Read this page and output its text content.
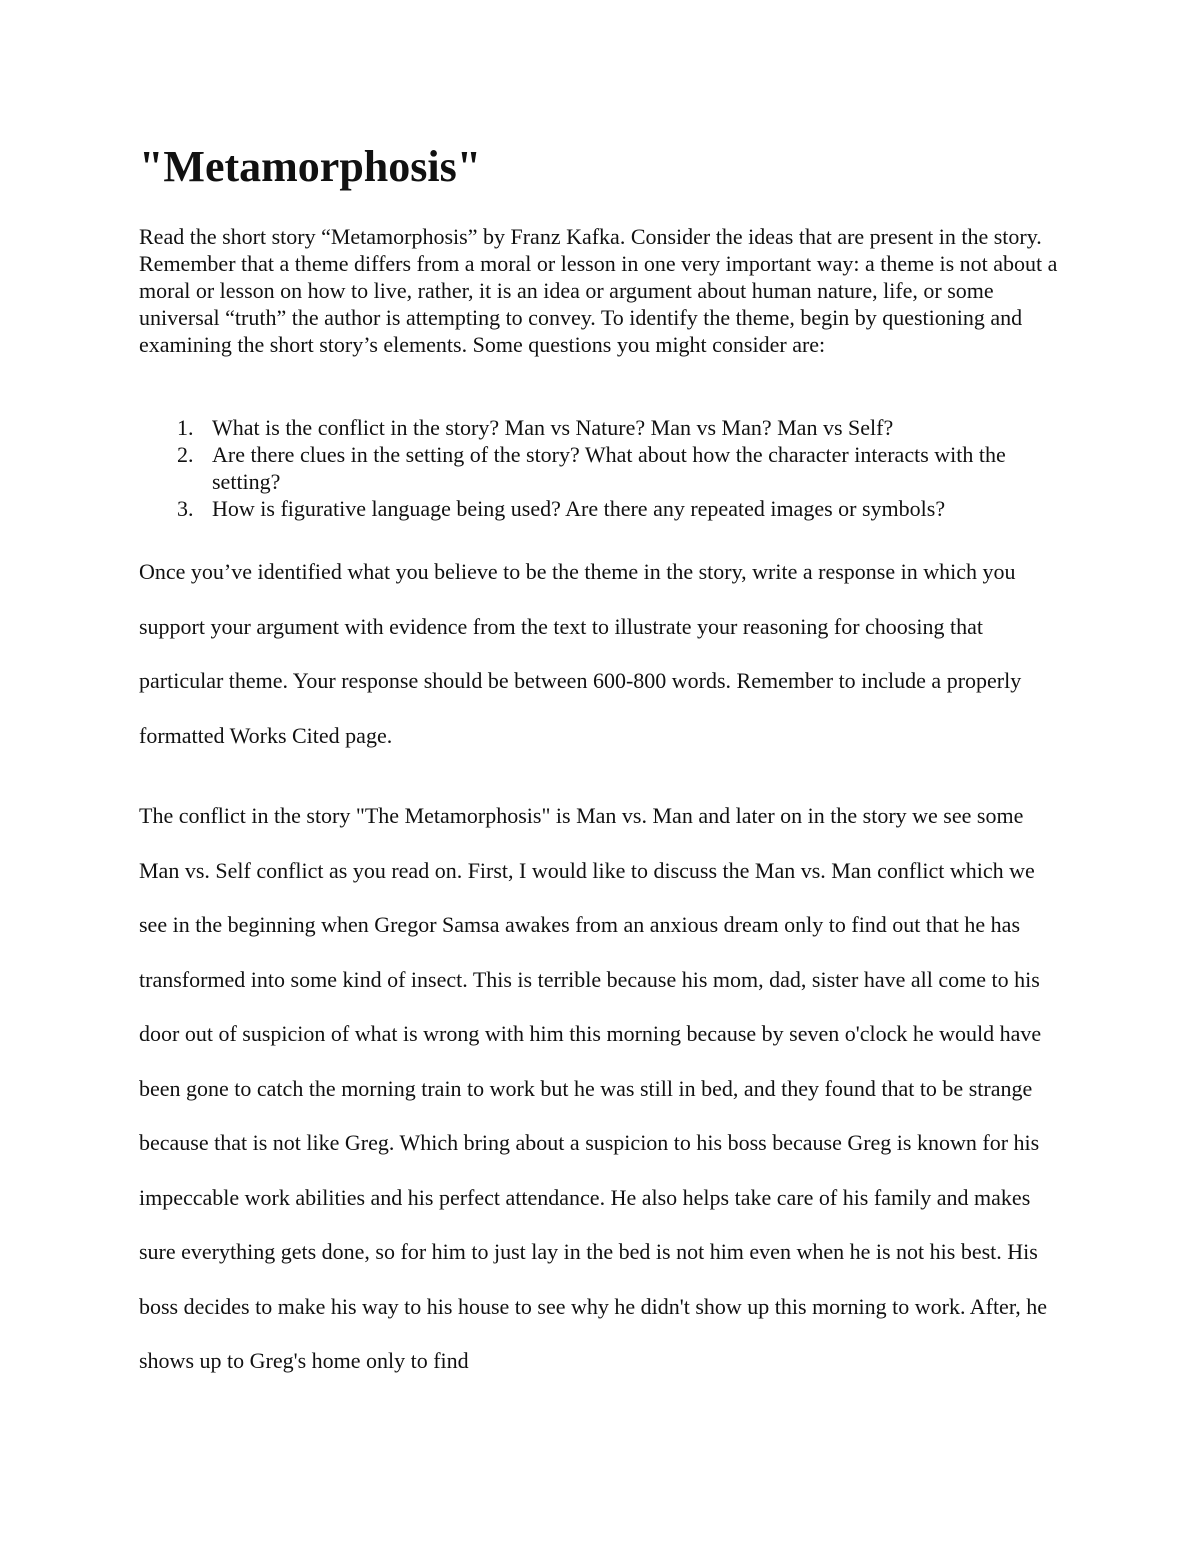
"Metamorphosis"

Read the short story “Metamorphosis” by Franz Kafka. Consider the ideas that are present in the story. Remember that a theme differs from a moral or lesson in one very important way: a theme is not about a moral or lesson on how to live, rather, it is an idea or argument about human nature, life, or some universal “truth” the author is attempting to convey. To identify the theme, begin by questioning and examining the short story’s elements. Some questions you might consider are:

1. What is the conflict in the story? Man vs Nature? Man vs Man? Man vs Self?
2. Are there clues in the setting of the story? What about how the character interacts with the setting?
3. How is figurative language being used? Are there any repeated images or symbols?

Once you’ve identified what you believe to be the theme in the story, write a response in which you support your argument with evidence from the text to illustrate your reasoning for choosing that particular theme. Your response should be between 600-800 words. Remember to include a properly formatted Works Cited page.

The conflict in the story "The Metamorphosis" is Man vs. Man and later on in the story we see some Man vs. Self conflict as you read on. First, I would like to discuss the Man vs. Man conflict which we see in the beginning when Gregor Samsa awakes from an anxious dream only to find out that he has transformed into some kind of insect. This is terrible because his mom, dad, sister have all come to his door out of suspicion of what is wrong with him this morning because by seven o'clock he would have been gone to catch the morning train to work but he was still in bed, and they found that to be strange because that is not like Greg. Which bring about a suspicion to his boss because Greg is known for his impeccable work abilities and his perfect attendance. He also helps take care of his family and makes sure everything gets done, so for him to just lay in the bed is not him even when he is not his best. His boss decides to make his way to his house to see why he didn't show up this morning to work. After, he shows up to Greg's home only to find
